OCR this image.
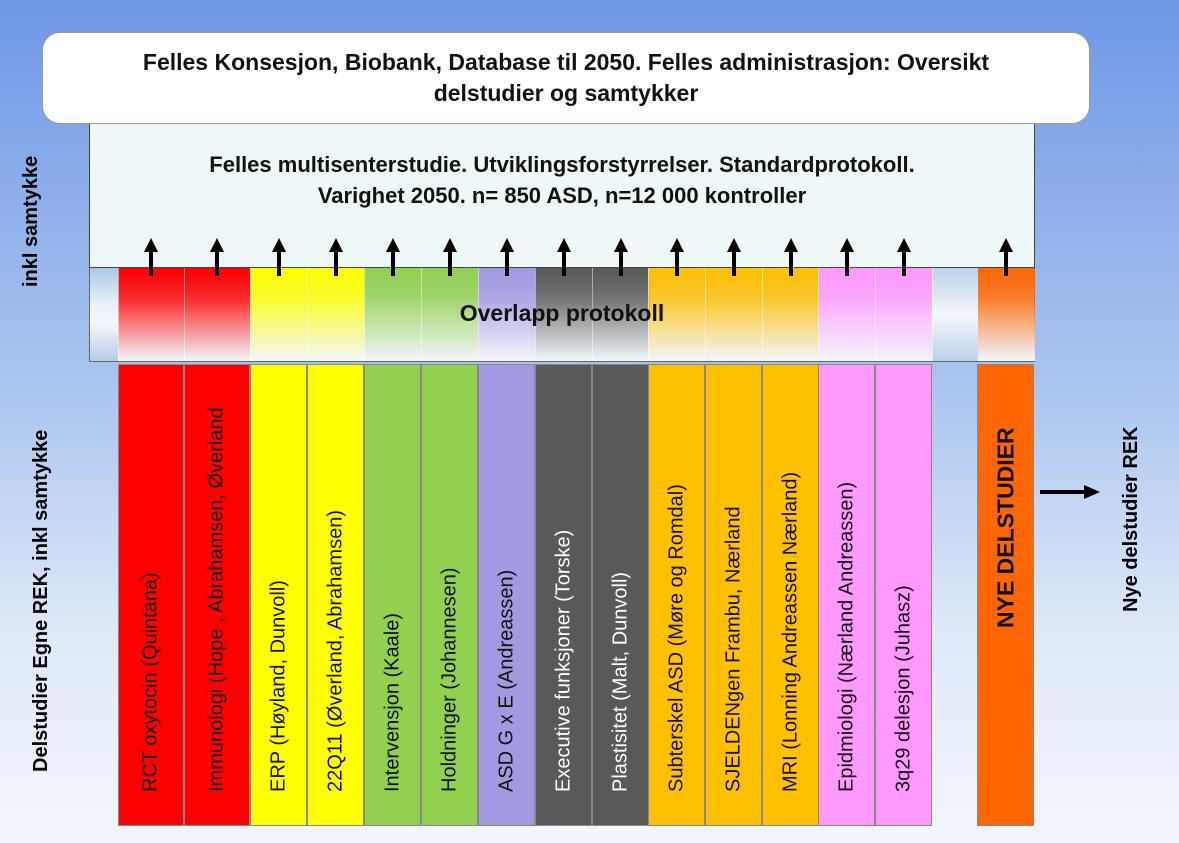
Felles Konsesjon, Biobank, Database til 2050. Felles administrasjon: Oversikt
delstudier og samtykker
Felles multisenterstudie. Utviklingsforstyrrelser. Standardprotokoll.
Varighet 2050. n= 850 ASD, n=12 000 kontroller
Overlapp protokoll
RCT oxytocin (Quintana) Immunologi (Hope , Abrahamsen, Øverland ERP (Høyland, Dunvoll) 22Q11 (Øverland, Abrahamsen) Intervensjon (Kaale) Holdninger (Johannesen) ASD G x E (Andreassen) Executive funksjoner (Torske) Plastisitet (Malt, Dunvoll) Subterskel ASD (Møre og Romdal) SJELDENgen Frambu, Nærland MRI (Lonning Andreassen Nærland) Epidmiologi (Nærland Andreassen) 3q29 delesjon (Juhasz)
NYE DELSTUDIER
inkl samtykke
Delstudier Egne REK, inkl samtykke	Nye delstudier REK
